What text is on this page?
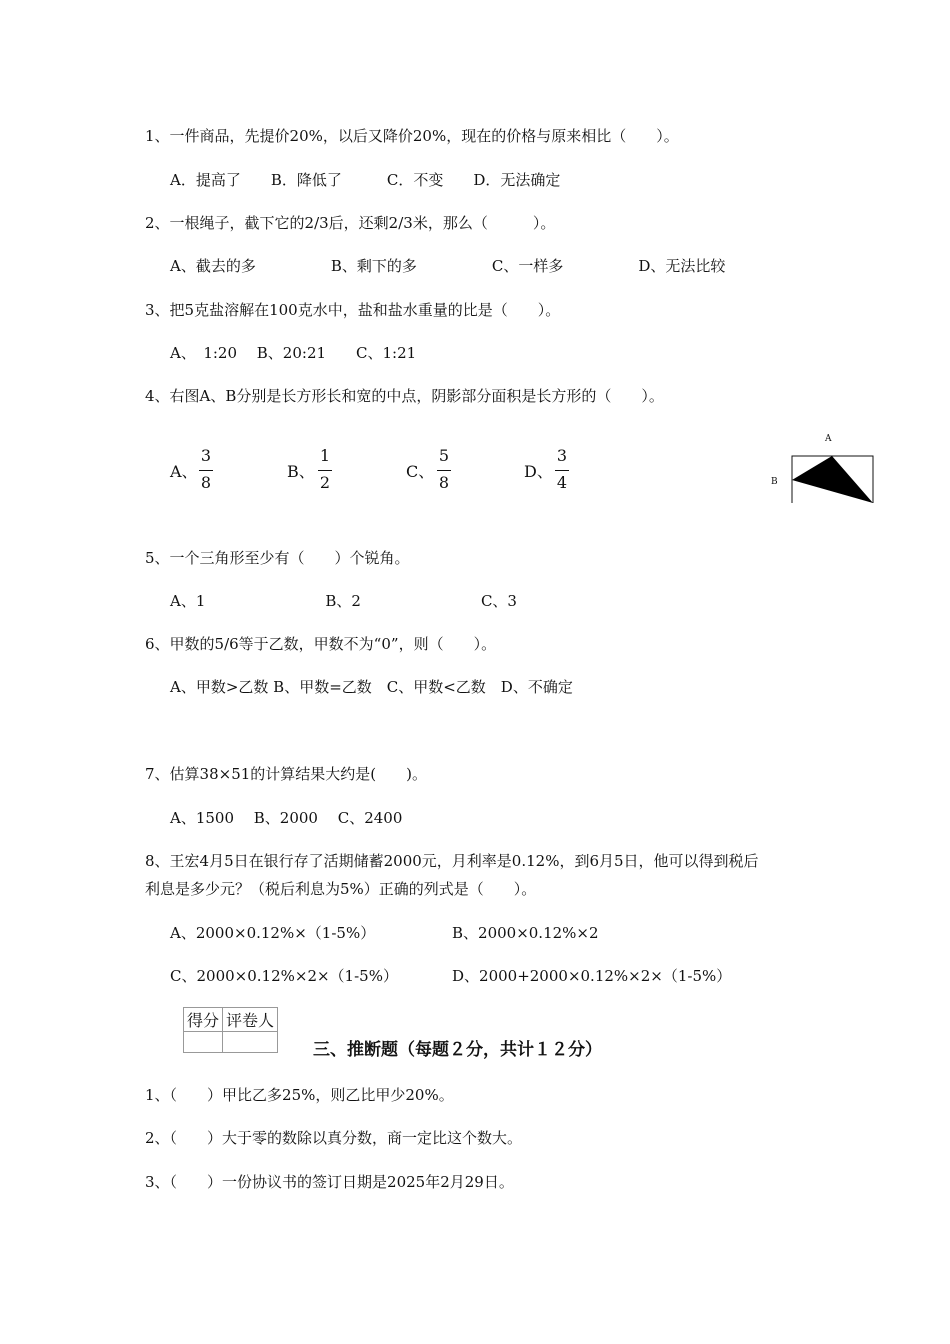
1、一件商品，先提价20%，以后又降价20%，现在的价格与原来相比（　　）。
A．提高了　　B．降低了　　　C．不变　　D．无法确定
2、一根绳子，截下它的2/3后，还剩2/3米，那么（　　　）。
A、截去的多　　　　　B、剩下的多　　　　　C、一样多　　　　　D、无法比较
3、把5克盐溶解在100克水中，盐和盐水重量的比是（　　）。
A、　1:20　 B、20:21　　C、1:21
4、右图A、B分别是长方形长和宽的中点，阴影部分面积是长方形的（　　）。
A、
3
8
B、
1
2
C、
5
8
D、
3
4
A
B
5、一个三角形至少有（　　）个锐角。
A、1　　　　　　　　B、2　　　　　　　　C、3
6、甲数的5/6等于乙数，甲数不为“0”，则（　　）。
A、甲数>乙数 B、甲数=乙数　C、甲数<乙数　D、不确定
7、估算38×51的计算结果大约是(　　)。
A、1500　 B、2000　 C、2400
8、王宏4月5日在银行存了活期储蓄2000元，月利率是0.12%，到6月5日，他可以得到税后
利息是多少元？（税后利息为5%）正确的列式是（　　）。
A、2000×0.12%×（1-5%）	B、2000×0.12%×2
C、2000×0.12%×2×（1-5%）	D、2000+2000×0.12%×2×（1-5%）
得分	评卷人

三、推断题（每题２分，共计１２分）
1、（　　）甲比乙多25%，则乙比甲少20%。
2、（　　）大于零的数除以真分数，商一定比这个数大。
3、（　　）一份协议书的签订日期是2025年2月29日。
